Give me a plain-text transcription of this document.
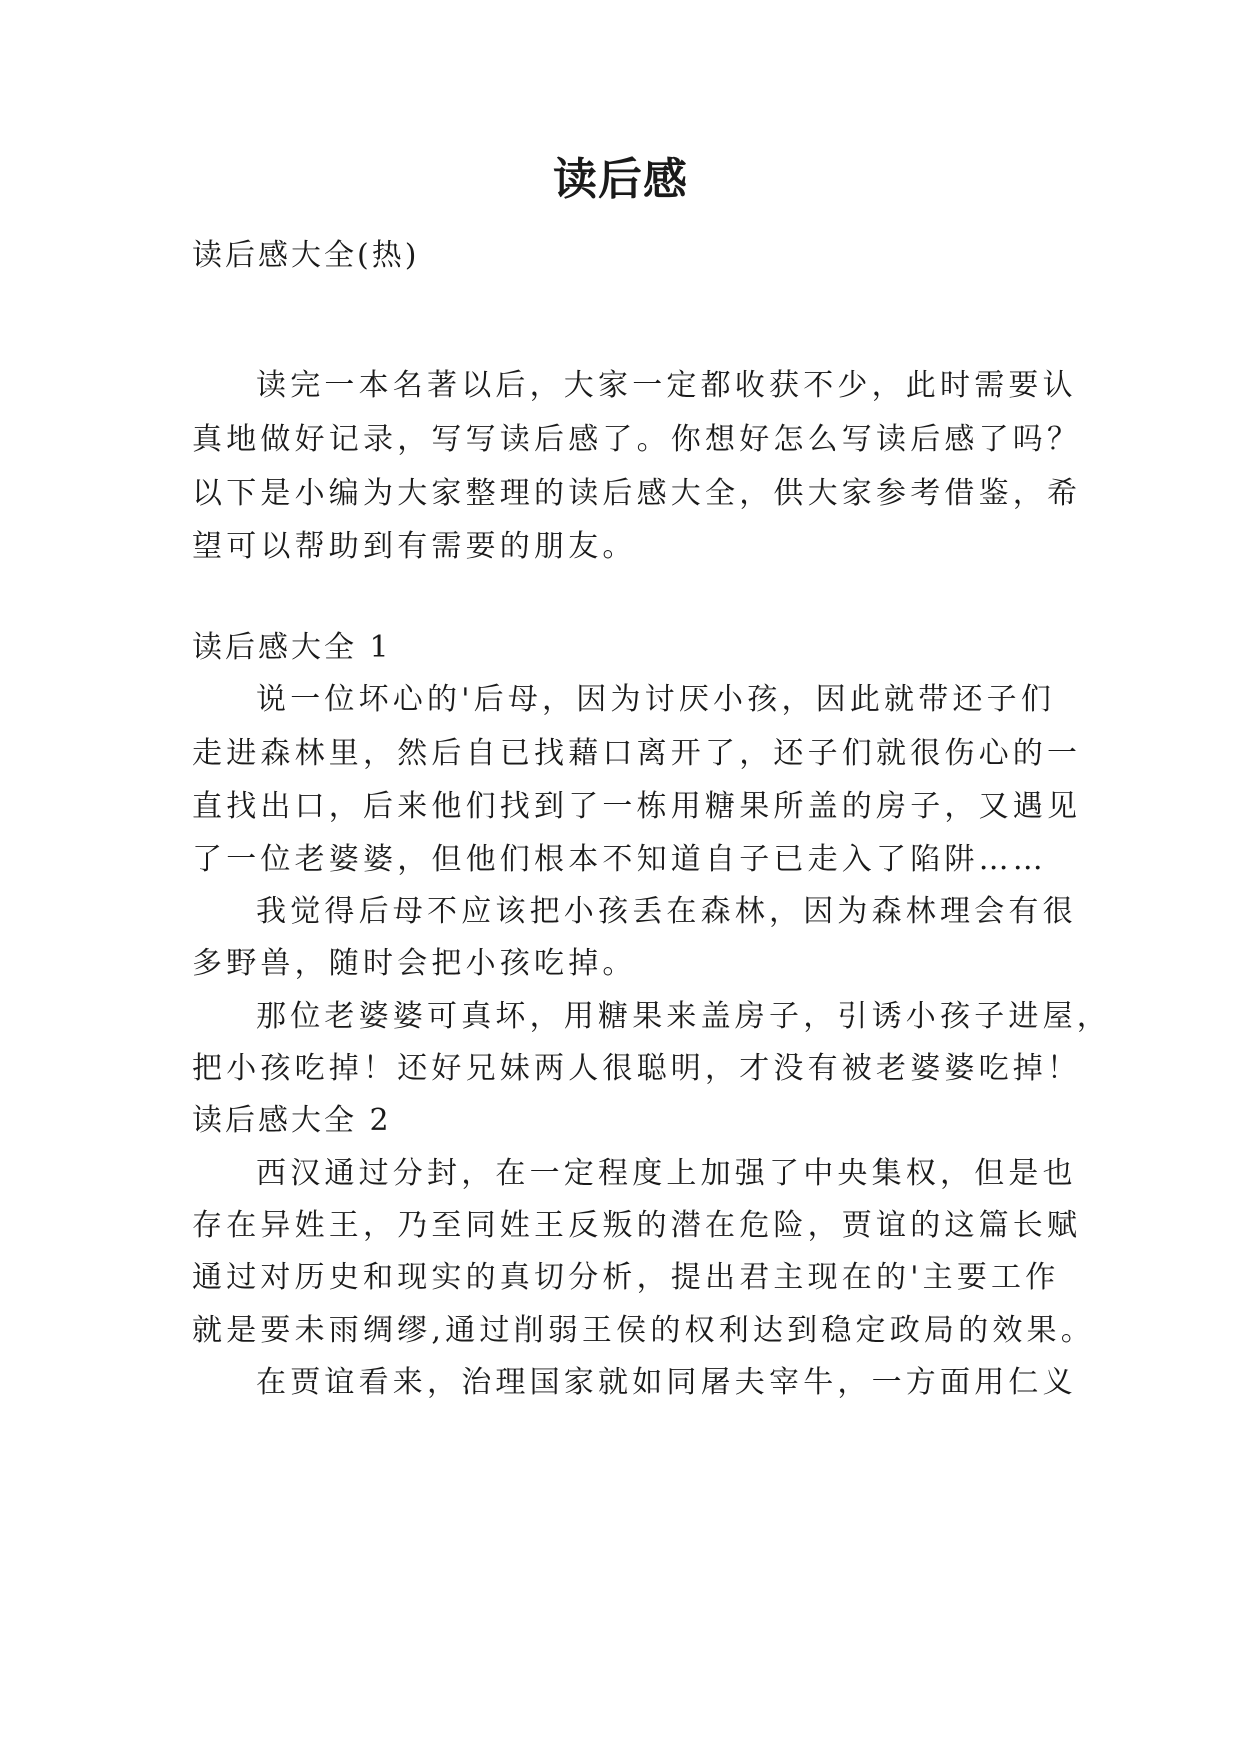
读后感
读后感大全(热)
读完一本名著以后，大家一定都收获不少，此时需要认
真地做好记录，写写读后感了。你想好怎么写读后感了吗？
以下是小编为大家整理的读后感大全，供大家参考借鉴，希
望可以帮助到有需要的朋友。
读后感大全 1
说一位坏心的'后母，因为讨厌小孩，因此就带还子们
走进森林里，然后自已找藉口离开了，还子们就很伤心的一
直找出口，后来他们找到了一栋用糖果所盖的房子，又遇见
了一位老婆婆，但他们根本不知道自子已走入了陷阱……
我觉得后母不应该把小孩丢在森林，因为森林理会有很
多野兽，随时会把小孩吃掉。
那位老婆婆可真坏，用糖果来盖房子，引诱小孩子进屋，
把小孩吃掉！还好兄妹两人很聪明，才没有被老婆婆吃掉！
读后感大全 2
西汉通过分封，在一定程度上加强了中央集权，但是也
存在异姓王，乃至同姓王反叛的潜在危险，贾谊的这篇长赋
通过对历史和现实的真切分析，提出君主现在的'主要工作
就是要未雨绸缪,通过削弱王侯的权利达到稳定政局的效果。
在贾谊看来，治理国家就如同屠夫宰牛，一方面用仁义
